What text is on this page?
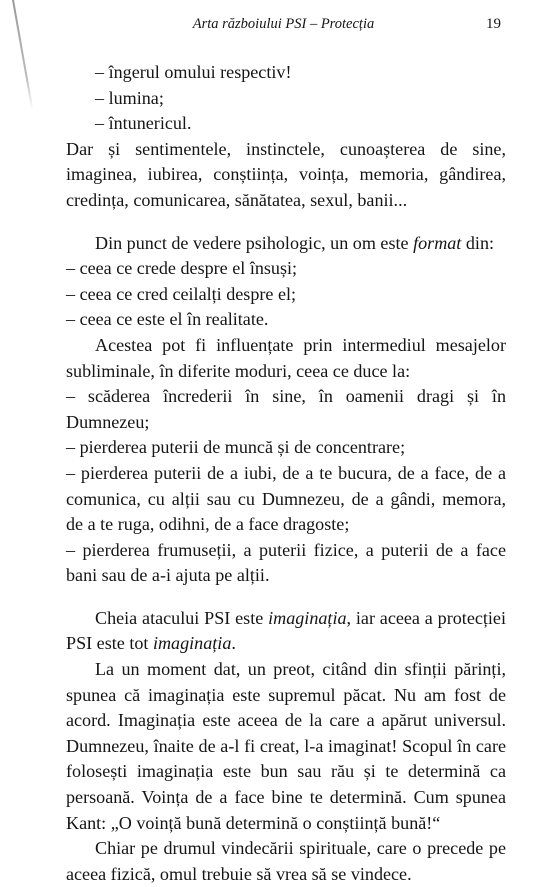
Arta războiului PSI – Protecția	19

– îngerul omului respectiv!

– lumina;

– întunericul.

Dar și sentimentele, instinctele, cunoașterea de sine, imaginea, iubirea, conștiința, voința, memoria, gândirea, credința, comunicarea, sănătatea, sexul, banii...

Din punct de vedere psihologic, un om este format din:

– ceea ce crede despre el însuși;

– ceea ce cred ceilalți despre el;

– ceea ce este el în realitate.

Acestea pot fi influențate prin intermediul mesajelor subliminale, în diferite moduri, ceea ce duce la:

– scăderea încrederii în sine, în oamenii dragi și în Dumnezeu;

– pierderea puterii de muncă și de concentrare;

– pierderea puterii de a iubi, de a te bucura, de a face, de a comunica, cu alții sau cu Dumnezeu, de a gândi, memora, de a te ruga, odihni, de a face dragoste;

– pierderea frumuseții, a puterii fizice, a puterii de a face bani sau de a-i ajuta pe alții.

Cheia atacului PSI este imaginația, iar aceea a protecției PSI este tot imaginația.

La un moment dat, un preot, citând din sfinții părinți, spunea că imaginația este supremul păcat. Nu am fost de acord. Imaginația este aceea de la care a apărut universul. Dumnezeu, înaite de a-l fi creat, l-a imaginat! Scopul în care folosești imaginația este bun sau rău și te determină ca persoană. Voința de a face bine te determină. Cum spunea Kant: „O voință bună determină o conștiință bună!“

Chiar pe drumul vindecării spirituale, care o precede pe aceea fizică, omul trebuie să vrea să se vindece.
